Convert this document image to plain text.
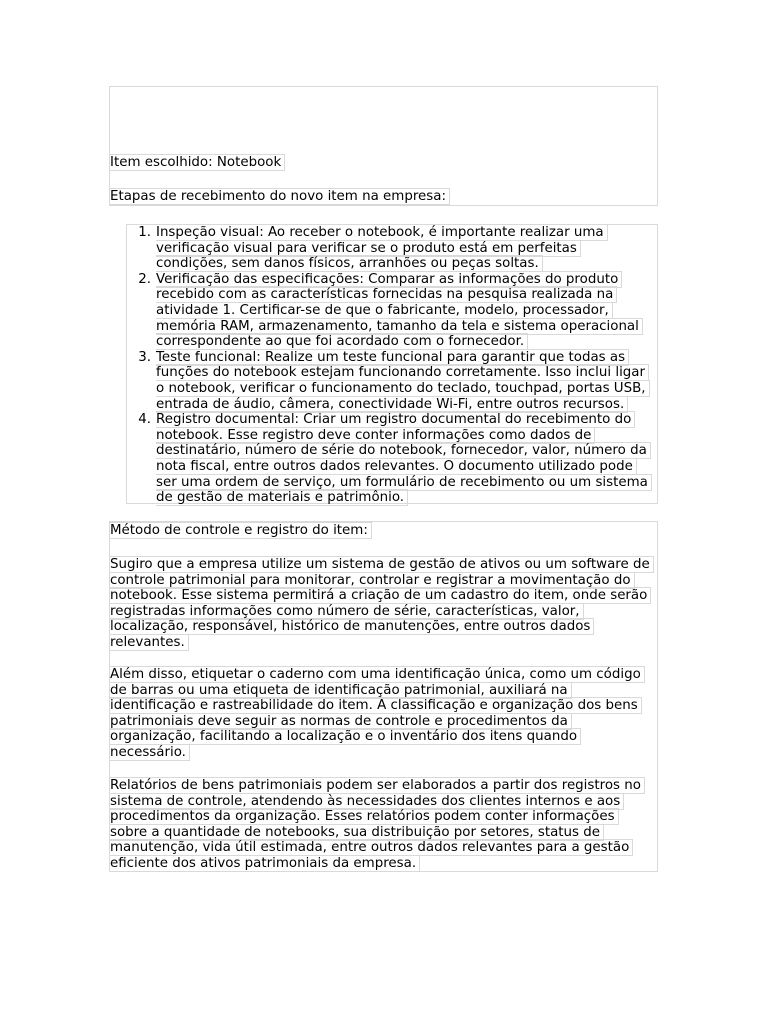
Item escolhido: Notebook
Etapas de recebimento do novo item na empresa:
1. Inspeção visual: Ao receber o notebook, é importante realizar uma
verificação visual para verificar se o produto está em perfeitas
condições, sem danos físicos, arranhões ou peças soltas.
2. Verificação das especificações: Comparar as informações do produto
recebido com as características fornecidas na pesquisa realizada na
atividade 1. Certificar-se de que o fabricante, modelo, processador,
memória RAM, armazenamento, tamanho da tela e sistema operacional
correspondente ao que foi acordado com o fornecedor.
3. Teste funcional: Realize um teste funcional para garantir que todas as
funções do notebook estejam funcionando corretamente. Isso inclui ligar
o notebook, verificar o funcionamento do teclado, touchpad, portas USB,
entrada de áudio, câmera, conectividade Wi-Fi, entre outros recursos.
4. Registro documental: Criar um registro documental do recebimento do
notebook. Esse registro deve conter informações como dados de
destinatário, número de série do notebook, fornecedor, valor, número da
nota fiscal, entre outros dados relevantes. O documento utilizado pode
ser uma ordem de serviço, um formulário de recebimento ou um sistema
de gestão de materiais e patrimônio.
Método de controle e registro do item:
Sugiro que a empresa utilize um sistema de gestão de ativos ou um software de
controle patrimonial para monitorar, controlar e registrar a movimentação do
notebook. Esse sistema permitirá a criação de um cadastro do item, onde serão
registradas informações como número de série, características, valor,
localização, responsável, histórico de manutenções, entre outros dados
relevantes.
Além disso, etiquetar o caderno com uma identificação única, como um código
de barras ou uma etiqueta de identificação patrimonial, auxiliará na
identificação e rastreabilidade do item. A classificação e organização dos bens
patrimoniais deve seguir as normas de controle e procedimentos da
organização, facilitando a localização e o inventário dos itens quando
necessário.
Relatórios de bens patrimoniais podem ser elaborados a partir dos registros no
sistema de controle, atendendo às necessidades dos clientes internos e aos
procedimentos da organização. Esses relatórios podem conter informações
sobre a quantidade de notebooks, sua distribuição por setores, status de
manutenção, vida útil estimada, entre outros dados relevantes para a gestão
eficiente dos ativos patrimoniais da empresa.
